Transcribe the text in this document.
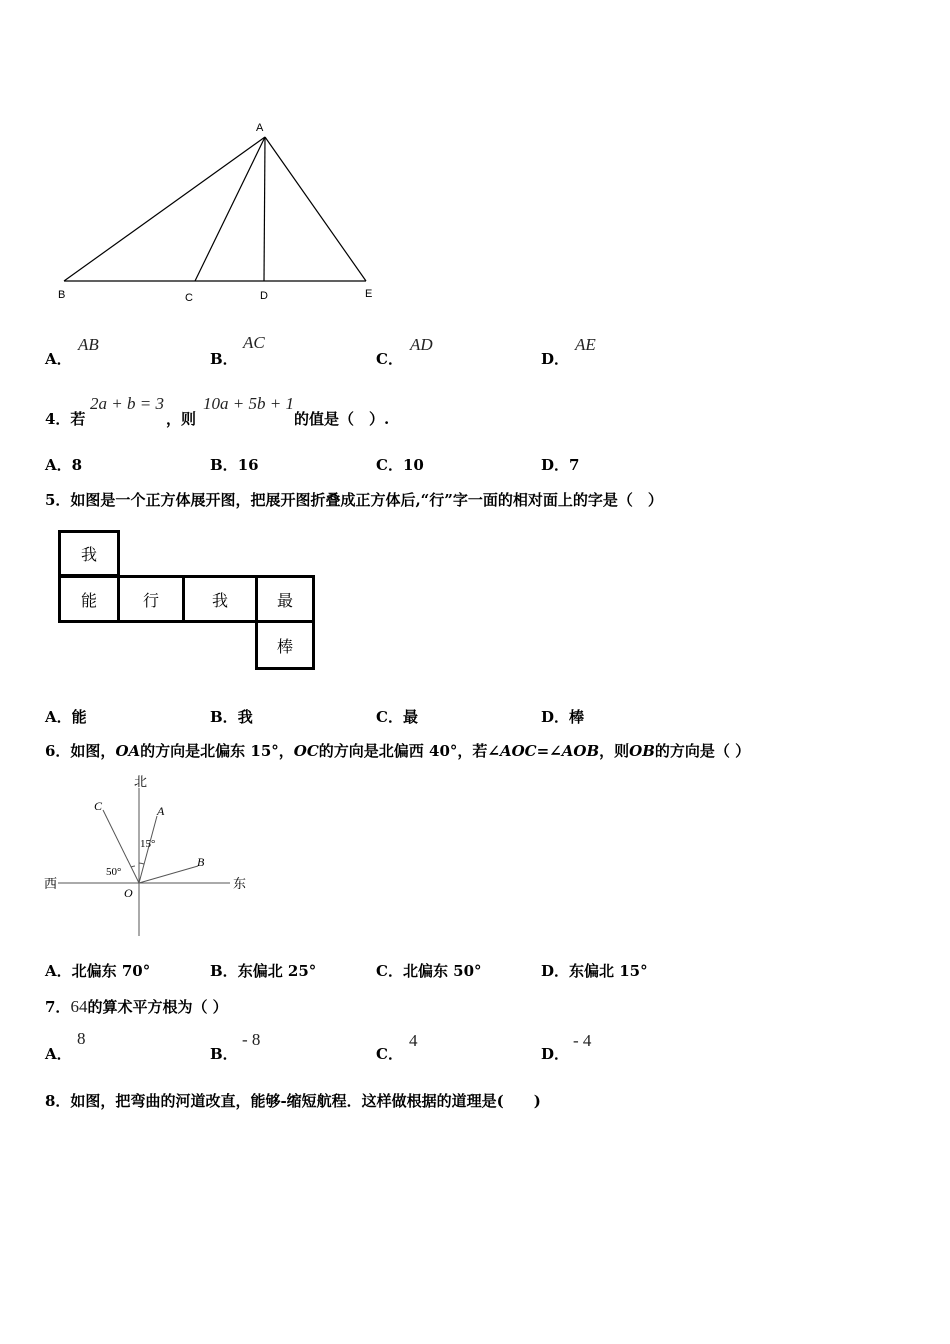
A
B	C	D	E
A．
AB
B．
AC
C．
AD
D．
AE
4．若
2a + b = 3
，则
10a + 5b + 1
的值是（　）.
A．8	B．16	C．10	D．7
5．如图是一个正方体展开图，把展开图折叠成正方体后,“行”字一面的相对面上的字是（　）
我
能	行	我	最
棒
A．能	B．我	C．最	D．棒
6．如图，OA的方向是北偏东 15°，OC的方向是北偏西 40°，若∠AOC=∠AOB，则OB的方向是（ ）
北
西	东
C	A
B
O
15°
50°
A．北偏东 70°	B．东偏北 25°	C．北偏东 50°	D．东偏北 15°
7．64的算术平方根为（ ）
A．
8
B．
- 8
C．
4
D．
- 4
8．如图，把弯曲的河道改直，能够-缩短航程．这样做根据的道理是(　　)
